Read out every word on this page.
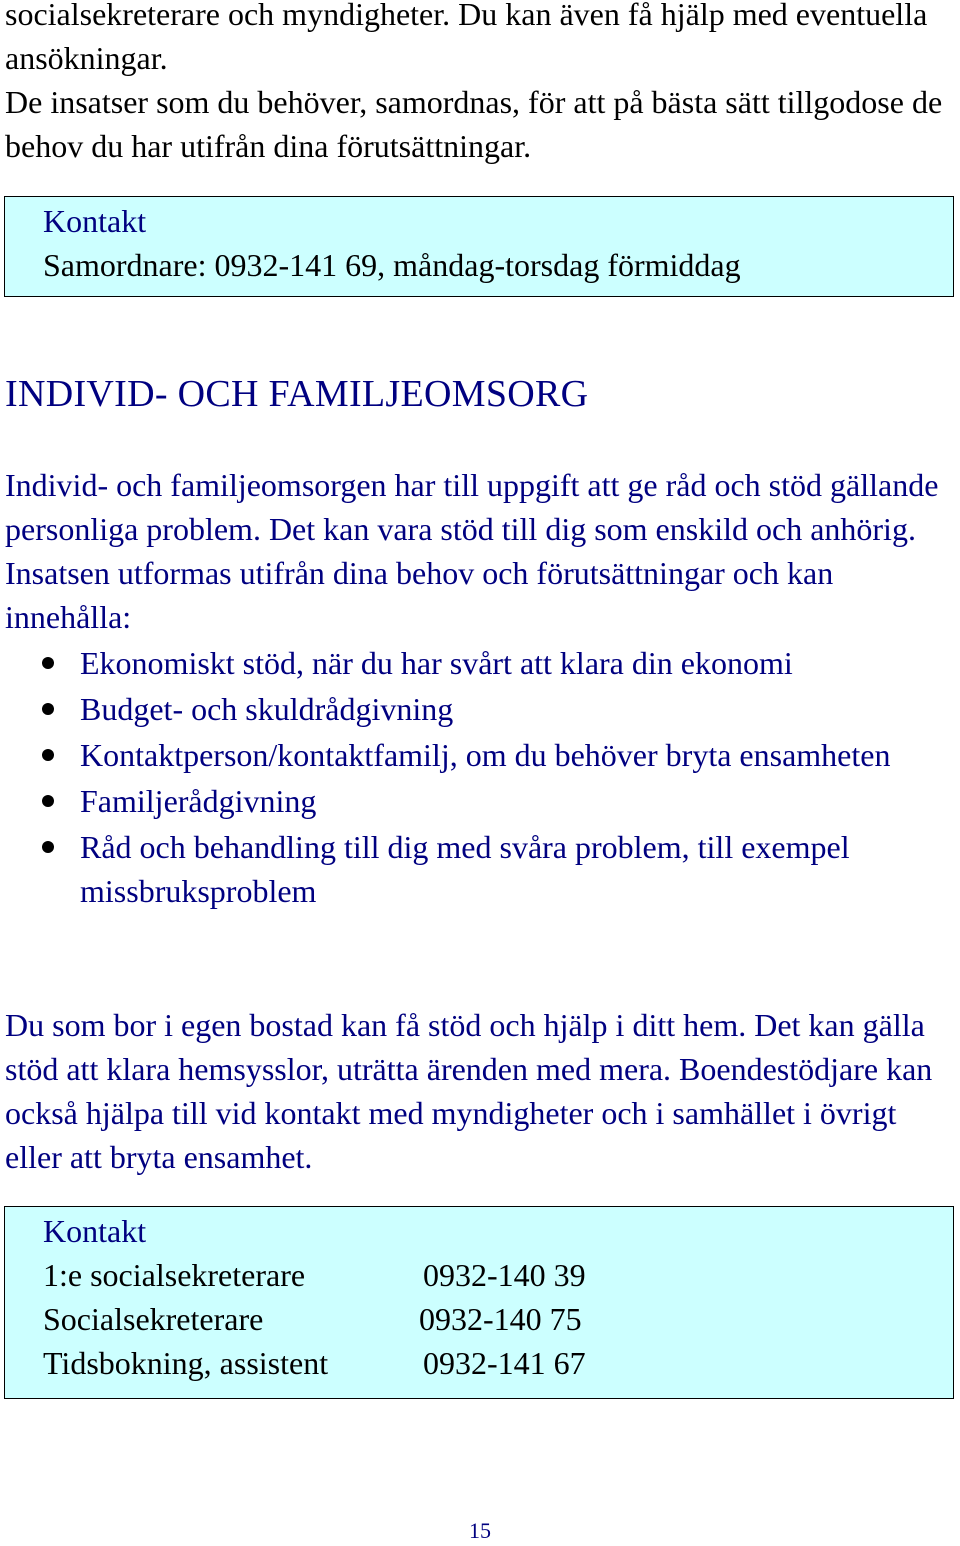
socialsekreterare och myndigheter. Du kan även få hjälp med eventuella ansökningar.

De insatser som du behöver, samordnas, för att på bästa sätt tillgodose de behov du har utifrån dina förutsättningar.

Kontakt
Samordnare: 0932-141 69, måndag-torsdag förmiddag
INDIVID- OCH FAMILJEOMSORG

Individ- och familjeomsorgen har till uppgift att ge råd och stöd gällande personliga problem. Det kan vara stöd till dig som enskild och anhörig. Insatsen utformas utifrån dina behov och förutsättningar och kan innehålla:

Ekonomiskt stöd, när du har svårt att klara din ekonomi
Budget- och skuldrådgivning
Kontaktperson/kontaktfamilj, om du behöver bryta ensamheten
Familjerådgivning
Råd och behandling till dig med svåra problem, till exempel missbruksproblem

Du som bor i egen bostad kan få stöd och hjälp i ditt hem. Det kan gälla stöd att klara hemsysslor, uträtta ärenden med mera. Boendestödjare kan också hjälpa till vid kontakt med myndigheter och i samhället i övrigt eller att bryta ensamhet.

Kontakt
1:e socialsekreterare	0932-140 39
Socialsekreterare	0932-140 75
Tidsbokning, assistent	0932-141 67
15
